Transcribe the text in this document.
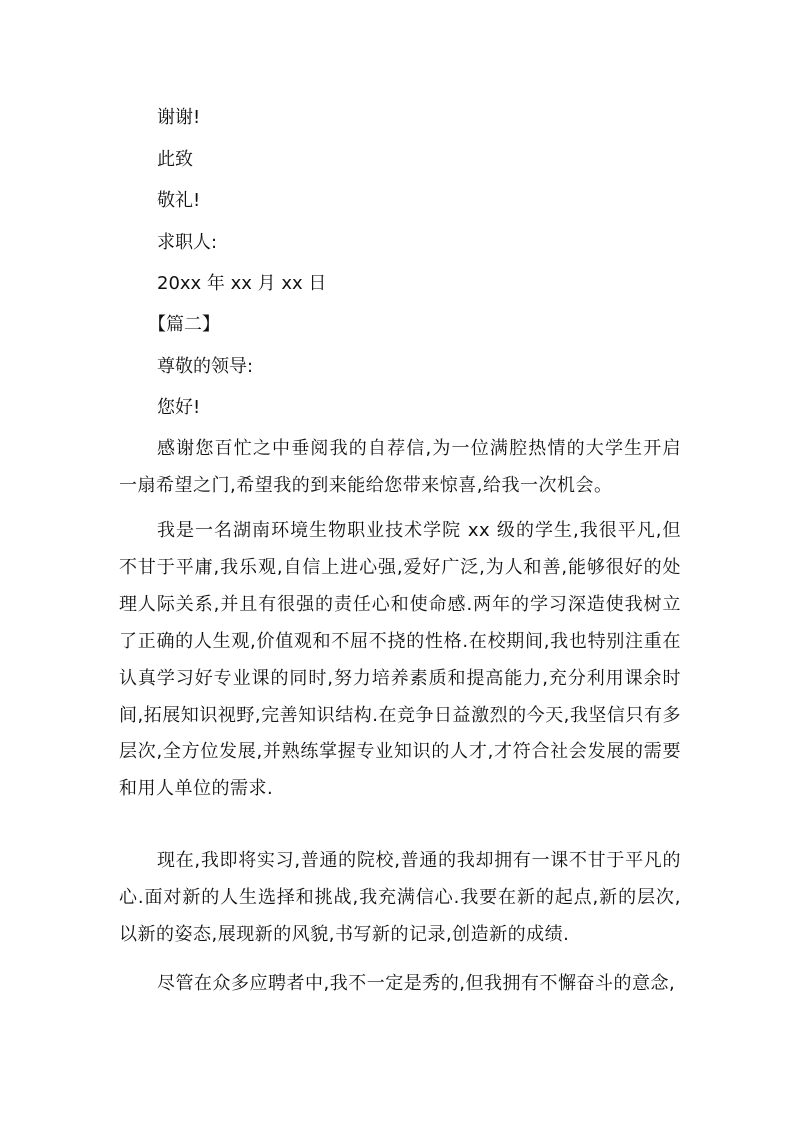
谢谢!
此致
敬礼!
求职人:
20xx 年 xx 月 xx 日
【篇二】
尊敬的领导:
您好!

感谢您百忙之中垂阅我的自荐信,为一位满腔热情的大学生开启一扇希望之门,希望我的到来能给您带来惊喜,给我一次机会。

我是一名湖南环境生物职业技术学院 xx 级的学生,我很平凡,但不甘于平庸,我乐观,自信上进心强,爱好广泛,为人和善,能够很好的处理人际关系,并且有很强的责任心和使命感.两年的学习深造使我树立了正确的人生观,价值观和不屈不挠的性格.在校期间,我也特别注重在认真学习好专业课的同时,努力培养素质和提高能力,充分利用课余时间,拓展知识视野,完善知识结构.在竞争日益激烈的今天,我坚信只有多层次,全方位发展,并熟练掌握专业知识的人才,才符合社会发展的需要和用人单位的需求.

现在,我即将实习,普通的院校,普通的我却拥有一课不甘于平凡的心.面对新的人生选择和挑战,我充满信心.我要在新的起点,新的层次,以新的姿态,展现新的风貌,书写新的记录,创造新的成绩.

尽管在众多应聘者中,我不一定是秀的,但我拥有不懈奋斗的意念,
